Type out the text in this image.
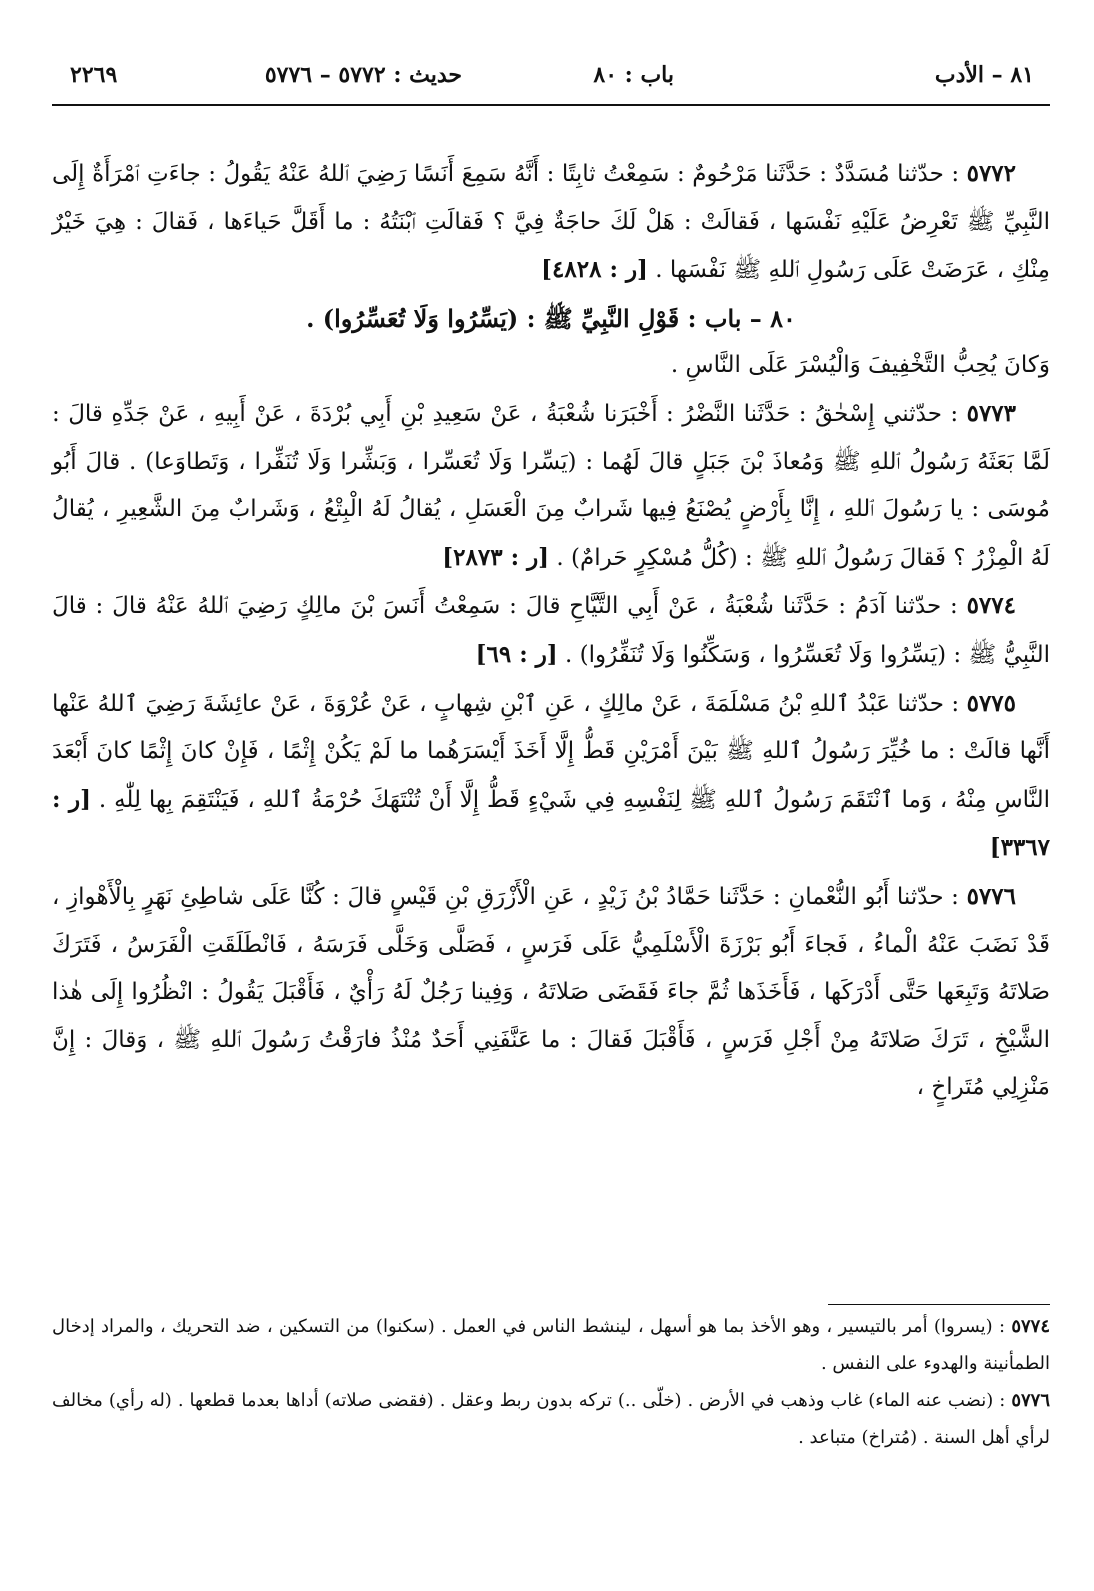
٨١ – الأدب
باب : ٨٠
حديث : ٥٧٧٢ – ٥٧٧٦
٢٢٦٩

٥٧٧٢ : حدّثنا مُسَدَّدٌ : حَدَّثَنا مَرْحُومٌ : سَمِعْتُ ثابِتًا : أَنَّهُ سَمِعَ أَنَسًا رَضِيَ ٱللهُ عَنْهُ يَقُولُ : جاءَتِ ٱمْرَأَةٌ إِلَى النَّبِيِّ ﷺ تَعْرِضُ عَلَيْهِ نَفْسَها ، فَقالَتْ : هَلْ لَكَ حاجَةٌ فِيَّ ؟ فَقالَتِ ٱبْنَتُهُ : ما أَقَلَّ حَياءَها ، فَقالَ : هِيَ خَيْرٌ مِنْكِ ، عَرَضَتْ عَلَى رَسُولِ ٱللهِ ﷺ نَفْسَها . [ر : ٤٨٢٨]

٨٠ – باب : قَوْلِ النَّبِيِّ ﷺ : (يَسِّرُوا وَلَا تُعَسِّرُوا) .

وَكانَ يُحِبُّ التَّخْفِيفَ وَالْيُسْرَ عَلَى النَّاسِ .

٥٧٧٣ : حدّثني إِسْحٰقُ : حَدَّثَنا النَّضْرُ : أَخْبَرَنا شُعْبَةُ ، عَنْ سَعِيدِ بْنِ أَبِي بُرْدَةَ ، عَنْ أَبِيهِ ، عَنْ جَدِّهِ قالَ : لَمَّا بَعَثَهُ رَسُولُ ٱللهِ ﷺ وَمُعاذَ بْنَ جَبَلٍ قالَ لَهُما : (يَسِّرا وَلَا تُعَسِّرا ، وَبَشِّرا وَلَا تُنَفِّرا ، وَتَطاوَعا) . قالَ أَبُو مُوسَى : يا رَسُولَ ٱللهِ ، إِنَّا بِأَرْضٍ يُصْنَعُ فِيها شَرابٌ مِنَ الْعَسَلِ ، يُقالُ لَهُ الْبِتْعُ ، وَشَرابٌ مِنَ الشَّعِيرِ ، يُقالُ لَهُ الْمِزْرُ ؟ فَقالَ رَسُولُ ٱللهِ ﷺ : (كُلُّ مُسْكِرٍ حَرامٌ) . [ر : ٢٨٧٣]

٥٧٧٤ : حدّثنا آدَمُ : حَدَّثَنا شُعْبَةُ ، عَنْ أَبِي التَّيَّاحِ قالَ : سَمِعْتُ أَنَسَ بْنَ مالِكٍ رَضِيَ ٱللهُ عَنْهُ قالَ : قالَ النَّبِيُّ ﷺ : (يَسِّرُوا وَلَا تُعَسِّرُوا ، وَسَكِّنُوا وَلَا تُنَفِّرُوا) . [ر : ٦٩]

٥٧٧٥ : حدّثنا عَبْدُ ٱللهِ بْنُ مَسْلَمَةَ ، عَنْ مالِكٍ ، عَنِ ٱبْنِ شِهابٍ ، عَنْ عُرْوَةَ ، عَنْ عائِشَةَ رَضِيَ ٱللهُ عَنْها أَنَّها قالَتْ : ما خُيِّرَ رَسُولُ ٱللهِ ﷺ بَيْنَ أَمْرَيْنِ قَطُّ إِلَّا أَخَذَ أَيْسَرَهُما ما لَمْ يَكُنْ إِثْمًا ، فَإِنْ كانَ إِثْمًا كانَ أَبْعَدَ النَّاسِ مِنْهُ ، وَما ٱنْتَقَمَ رَسُولُ ٱللهِ ﷺ لِنَفْسِهِ فِي شَيْءٍ قَطُّ إِلَّا أَنْ تُنْتَهَكَ حُرْمَةُ ٱللهِ ، فَيَنْتَقِمَ بِها لِلّٰهِ . [ر : ٣٣٦٧]

٥٧٧٦ : حدّثنا أَبُو النُّعْمانِ : حَدَّثَنا حَمَّادُ بْنُ زَيْدٍ ، عَنِ الْأَزْرَقِ بْنِ قَيْسٍ قالَ : كُنَّا عَلَى شاطِئِ نَهَرٍ بِالْأَهْوازِ ، قَدْ نَضَبَ عَنْهُ الْماءُ ، فَجاءَ أَبُو بَرْزَةَ الْأَسْلَمِيُّ عَلَى فَرَسٍ ، فَصَلَّى وَخَلَّى فَرَسَهُ ، فَانْطَلَقَتِ الْفَرَسُ ، فَتَرَكَ صَلاتَهُ وَتَبِعَها حَتَّى أَدْرَكَها ، فَأَخَذَها ثُمَّ جاءَ فَقَضَى صَلاتَهُ ، وَفِينا رَجُلٌ لَهُ رَأْيٌ ، فَأَقْبَلَ يَقُولُ : انْظُرُوا إِلَى هٰذا الشَّيْخِ ، تَرَكَ صَلاتَهُ مِنْ أَجْلِ فَرَسٍ ، فَأَقْبَلَ فَقالَ : ما عَنَّفَنِي أَحَدٌ مُنْذُ فارَقْتُ رَسُولَ ٱللهِ ﷺ ، وَقالَ : إِنَّ مَنْزِلِي مُتَراخٍ ،

٥٧٧٤ : (يسروا) أمر بالتيسير ، وهو الأخذ بما هو أسهل ، لينشط الناس في العمل . (سكنوا) من التسكين ، ضد التحريك ، والمراد إدخال الطمأنينة والهدوء على النفس .

٥٧٧٦ : (نضب عنه الماء) غاب وذهب في الأرض . (خلّى ..) تركه بدون ربط وعقل . (فقضى صلاته) أداها بعدما قطعها . (له رأي) مخالف لرأي أهل السنة . (مُتراخ) متباعد .
